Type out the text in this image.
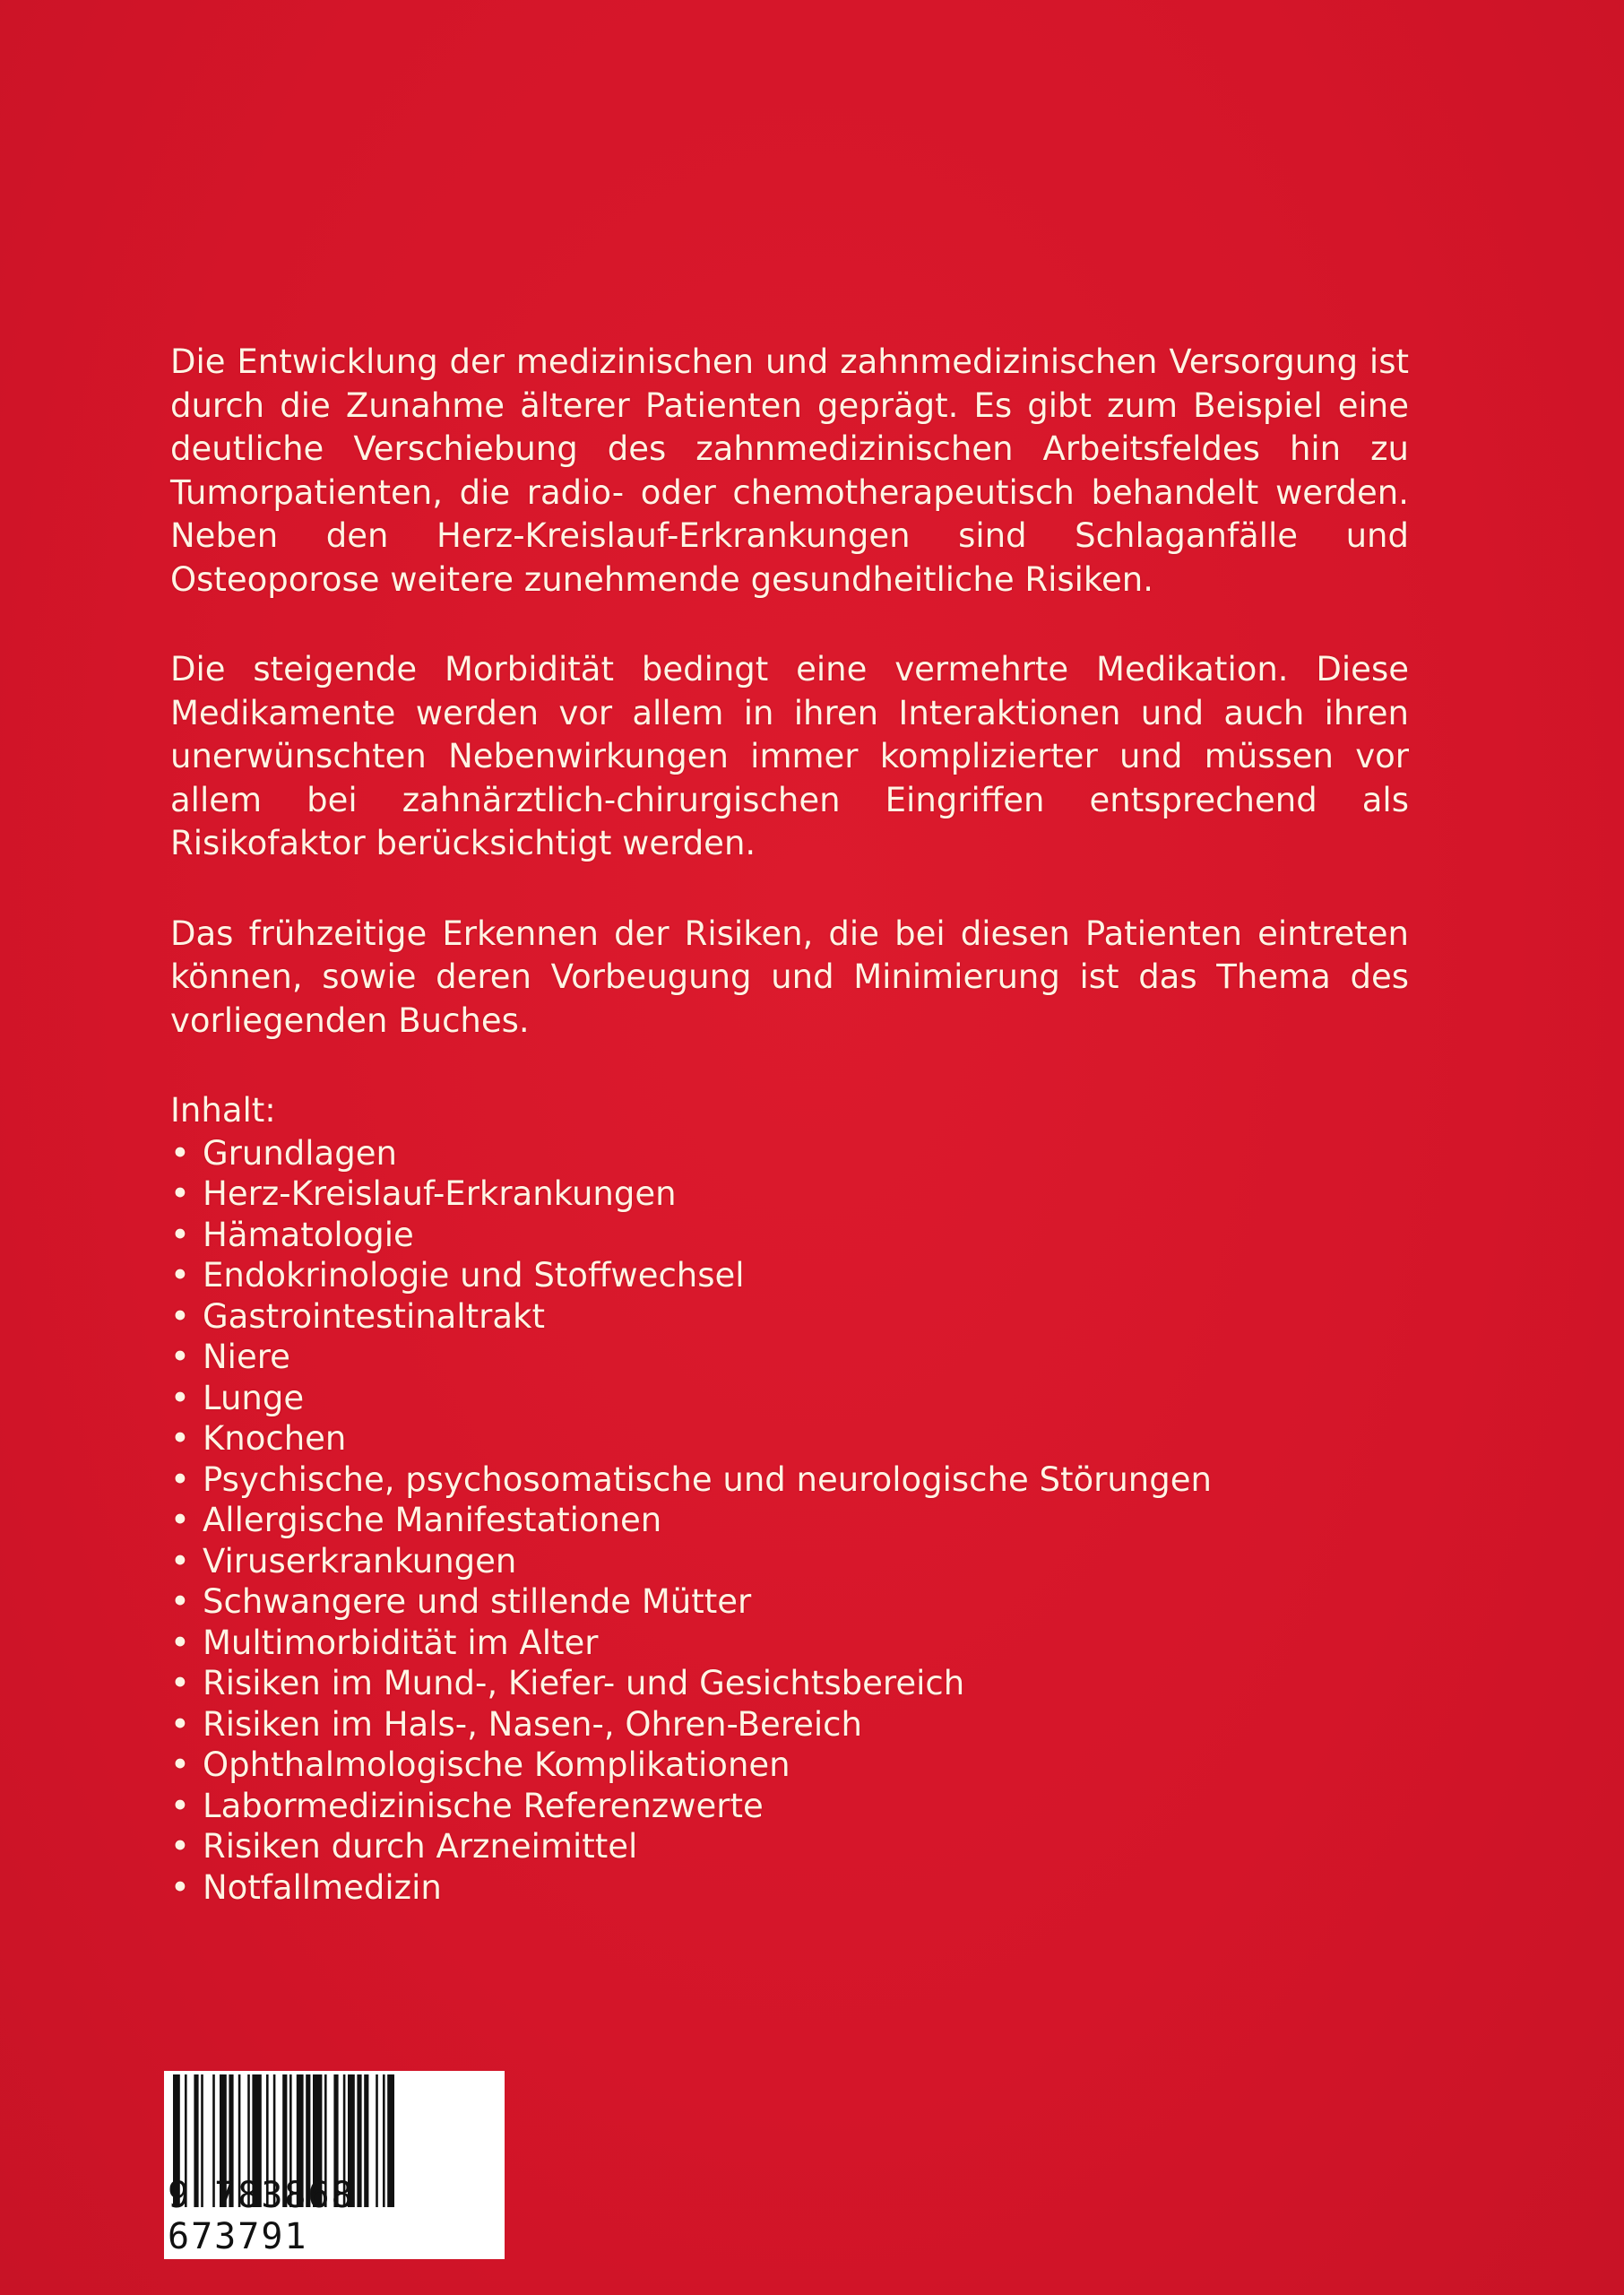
Die Entwicklung der medizinischen und zahnmedizinischen Versorgung ist durch die Zunahme älterer Patienten geprägt. Es gibt zum Beispiel eine deutliche Verschiebung des zahnmedizinischen Arbeitsfeldes hin zu Tumorpatienten, die radio- oder chemotherapeutisch behandelt werden. Neben den Herz-Kreislauf-Erkrankungen sind Schlaganfälle und Osteoporose weitere zunehmende gesundheitliche Risiken.

Die steigende Morbidität bedingt eine vermehrte Medikation. Diese Medikamente werden vor allem in ihren Interaktionen und auch ihren unerwünschten Nebenwirkungen immer komplizierter und müssen vor allem bei zahnärztlich-chirurgischen Eingriffen entsprechend als Risikofaktor berücksichtigt werden.

Das frühzeitige Erkennen der Risiken, die bei diesen Patienten eintreten können, sowie deren Vorbeugung und Minimierung ist das Thema des vorliegenden Buches.

Inhalt:

• Grundlagen
• Herz-Kreislauf-Erkrankungen
• Hämatologie
• Endokrinologie und Stoffwechsel
• Gastrointestinaltrakt
• Niere
• Lunge
• Knochen
• Psychische, psychosomatische und neurologische Störungen
• Allergische Manifestationen
• Viruserkrankungen
• Schwangere und stillende Mütter
• Multimorbidität im Alter
• Risiken im Mund-, Kiefer- und Gesichtsbereich
• Risiken im Hals-, Nasen-, Ohren-Bereich
• Ophthalmologische Komplikationen
• Labormedizinische Referenzwerte
• Risiken durch Arzneimittel
• Notfallmedizin
9 783868 673791
